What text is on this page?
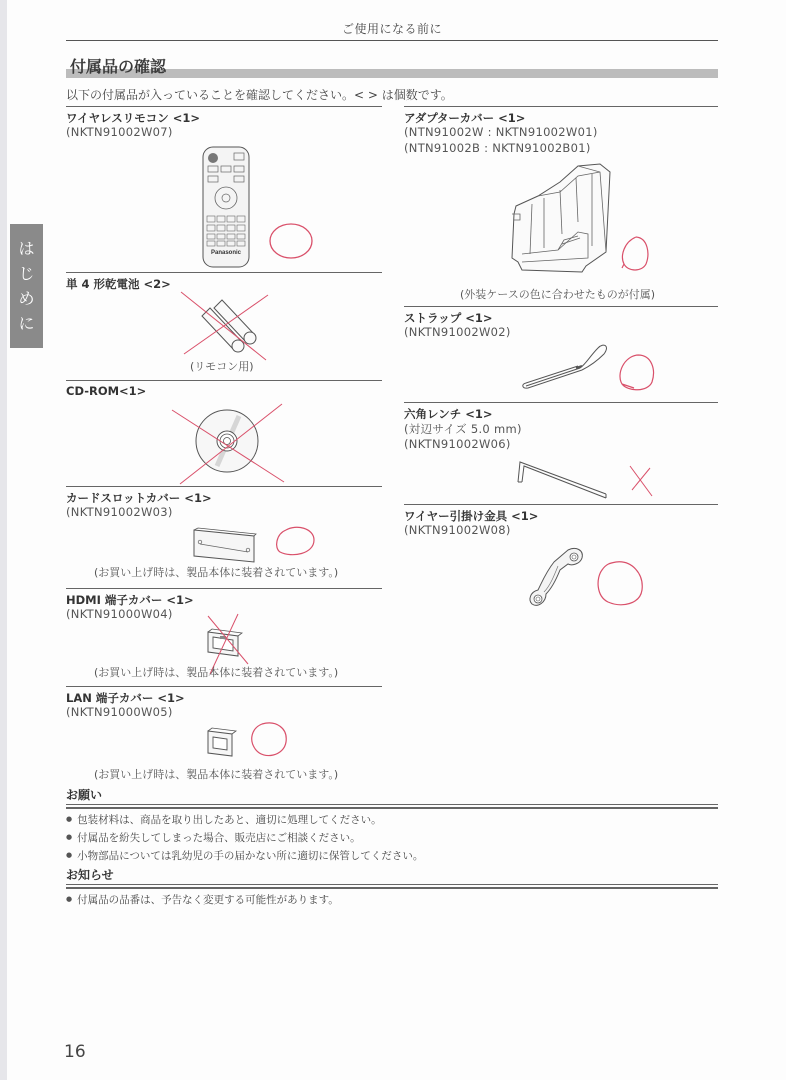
ご使用になる前に
付属品の確認
以下の付属品が入っていることを確認してください。< > は個数です。
は
じ
め
に
ワイヤレスリモコン <1>
(NKTN91002W07)
Panasonic
単 4 形乾電池 <2>
(リモコン用)
CD-ROM<1>
カードスロットカバー <1>
(NKTN91002W03)
(お買い上げ時は、製品本体に装着されています。)
HDMI 端子カバー <1>
(NKTN91000W04)
(お買い上げ時は、製品本体に装着されています。)
LAN 端子カバー <1>
(NKTN91000W05)
(お買い上げ時は、製品本体に装着されています。)
アダプターカバー <1>
(NTN91002W : NKTN91002W01)
(NTN91002B : NKTN91002B01)
(外装ケースの色に合わせたものが付属)
ストラップ <1>
(NKTN91002W02)
六角レンチ <1>
(対辺サイズ 5.0 mm)
(NKTN91002W06)
ワイヤー引掛け金具 <1>
(NKTN91002W08)
お願い
● 包装材料は、商品を取り出したあと、適切に処理してください。
● 付属品を紛失してしまった場合、販売店にご相談ください。
● 小物部品については乳幼児の手の届かない所に適切に保管してください。
お知らせ
● 付属品の品番は、予告なく変更する可能性があります。
16
